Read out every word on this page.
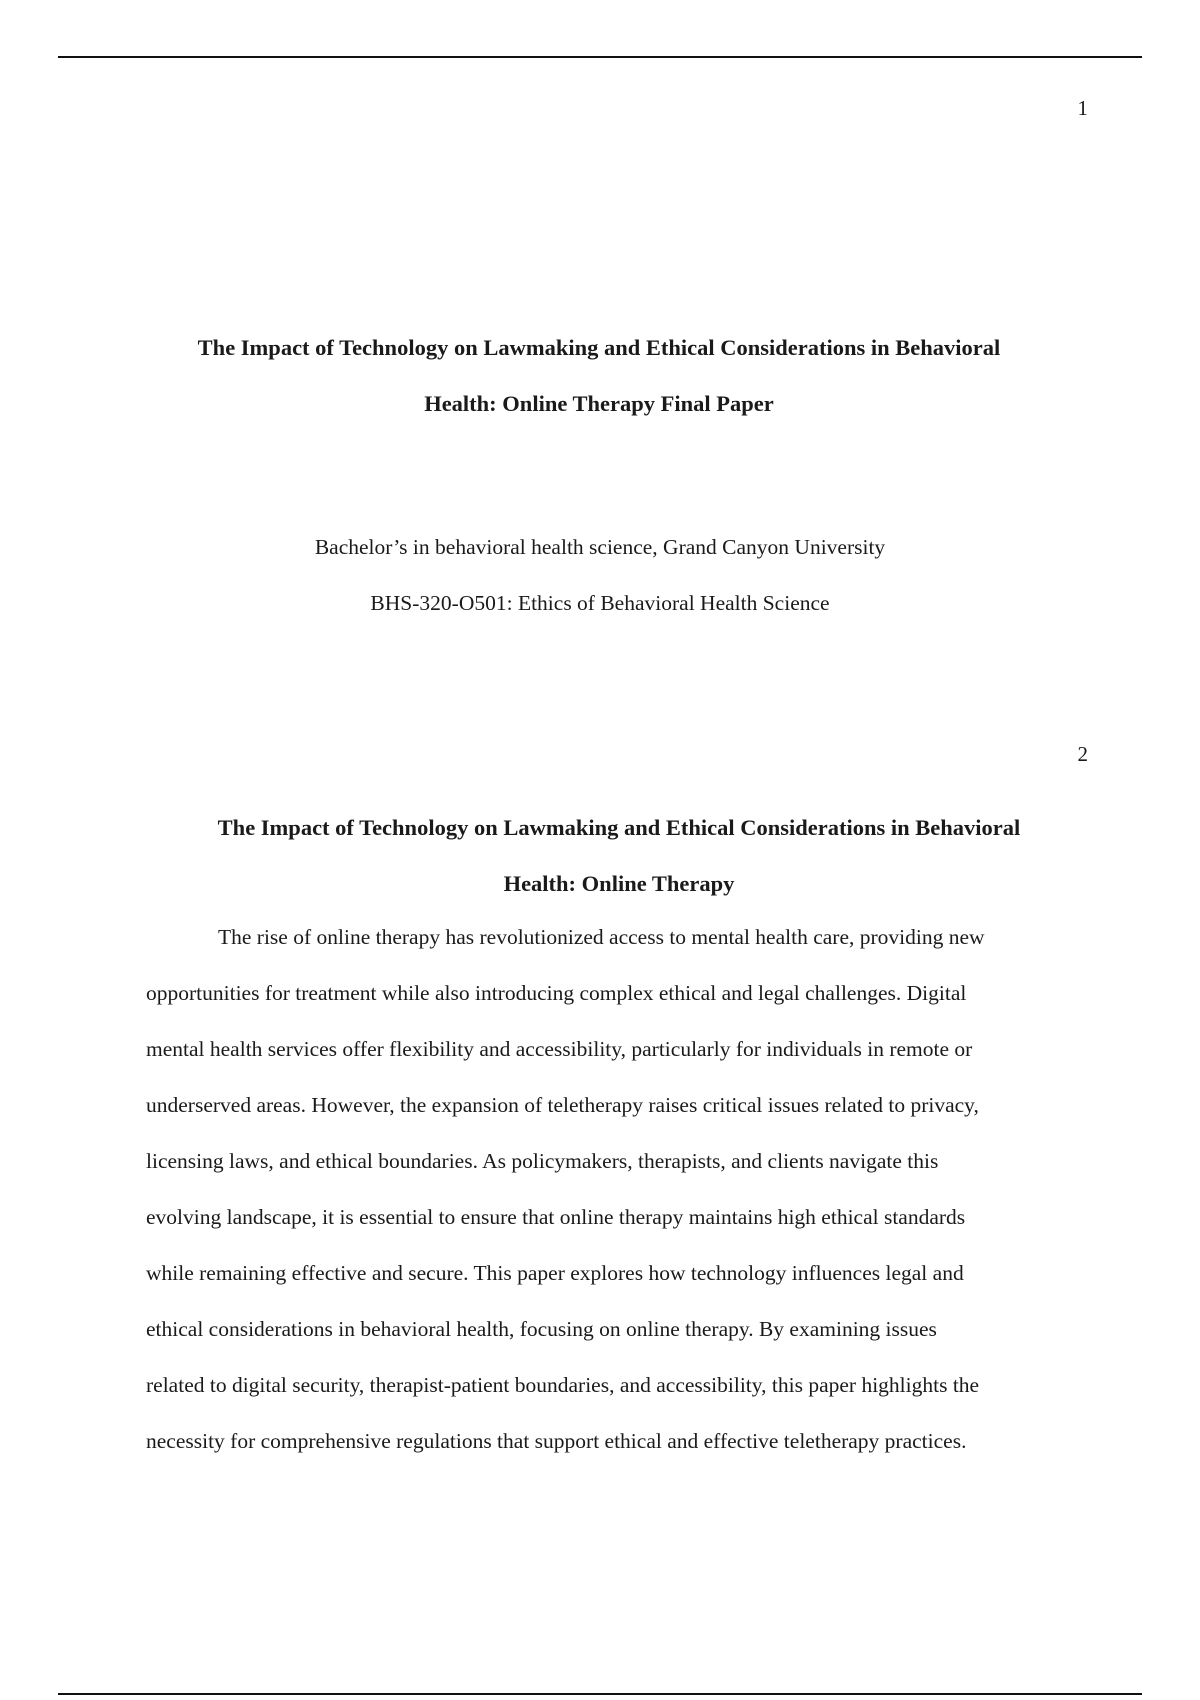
1
The Impact of Technology on Lawmaking and Ethical Considerations in Behavioral
Health: Online Therapy Final Paper
Bachelor’s in behavioral health science, Grand Canyon University
BHS-320-O501: Ethics of Behavioral Health Science
2
The Impact of Technology on Lawmaking and Ethical Considerations in Behavioral
Health: Online Therapy

The rise of online therapy has revolutionized access to mental health care, providing new
opportunities for treatment while also introducing complex ethical and legal challenges. Digital
mental health services offer flexibility and accessibility, particularly for individuals in remote or
underserved areas. However, the expansion of teletherapy raises critical issues related to privacy,
licensing laws, and ethical boundaries. As policymakers, therapists, and clients navigate this
evolving landscape, it is essential to ensure that online therapy maintains high ethical standards
while remaining effective and secure. This paper explores how technology influences legal and
ethical considerations in behavioral health, focusing on online therapy. By examining issues
related to digital security, therapist-patient boundaries, and accessibility, this paper highlights the
necessity for comprehensive regulations that support ethical and effective teletherapy practices.
